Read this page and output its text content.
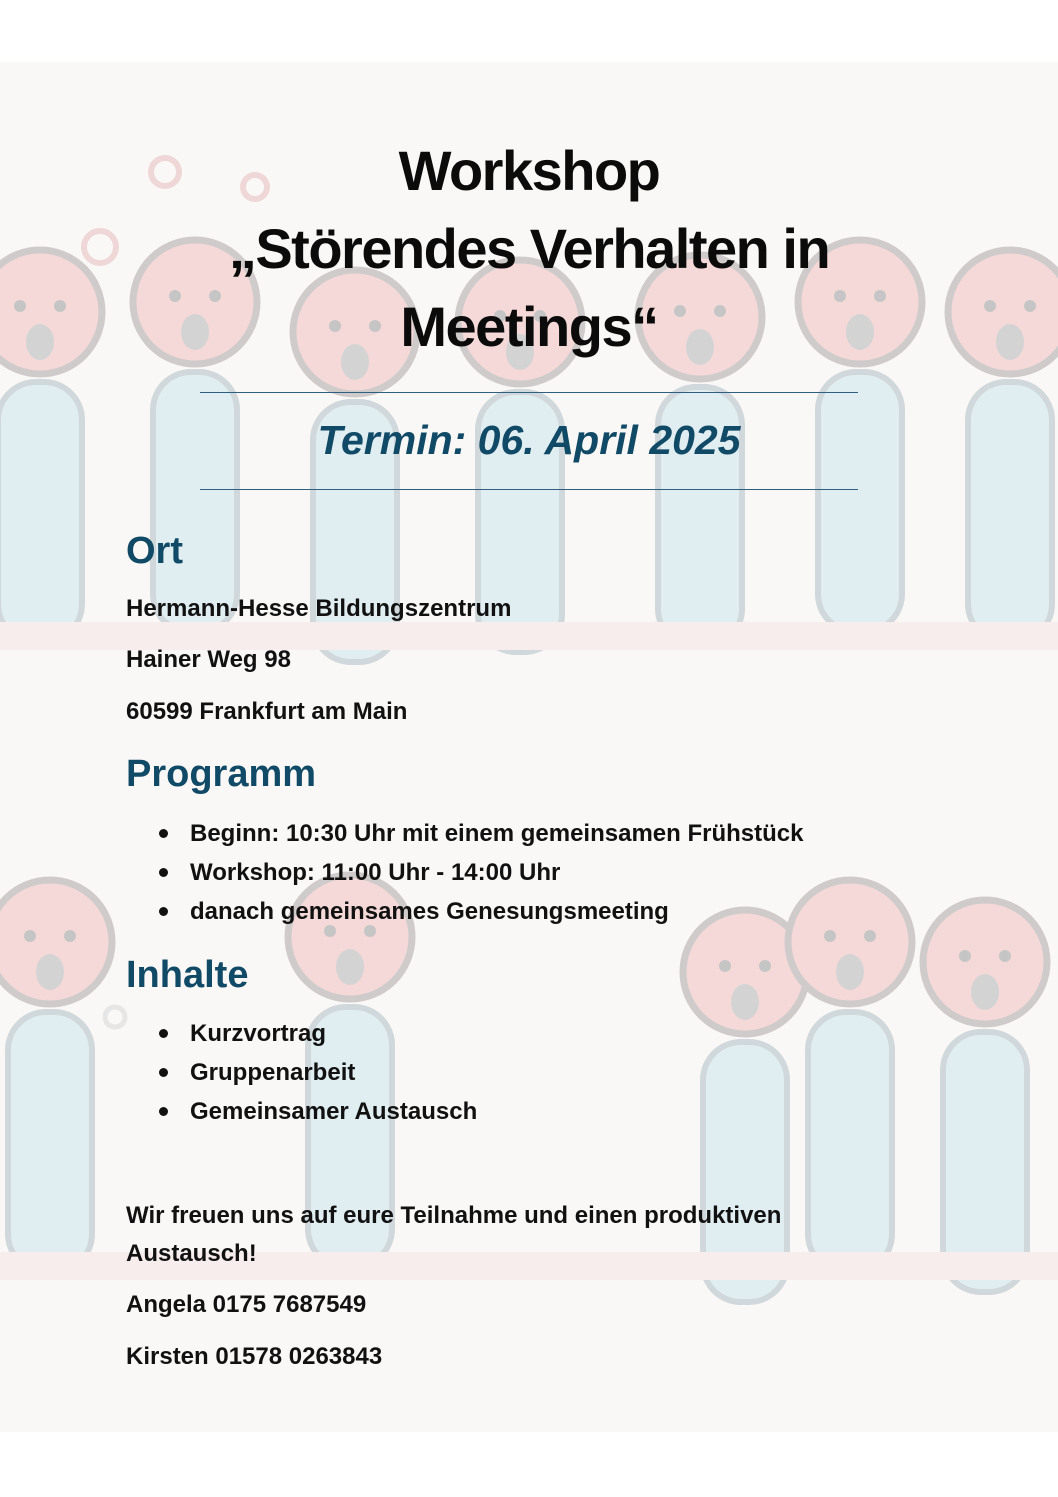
Workshop
„Störendes Verhalten in
Meetings“
Termin: 06. April 2025
Ort
Hermann-Hesse Bildungszentrum
Hainer Weg 98
60599 Frankfurt am Main
Programm
Beginn: 10:30 Uhr mit einem gemeinsamen Frühstück
Workshop: 11:00 Uhr - 14:00 Uhr
danach gemeinsames Genesungsmeeting
Inhalte
Kurzvortrag
Gruppenarbeit
Gemeinsamer Austausch
Wir freuen uns auf eure Teilnahme und einen produktiven Austausch!
Angela 0175 7687549
Kirsten 01578 0263843
